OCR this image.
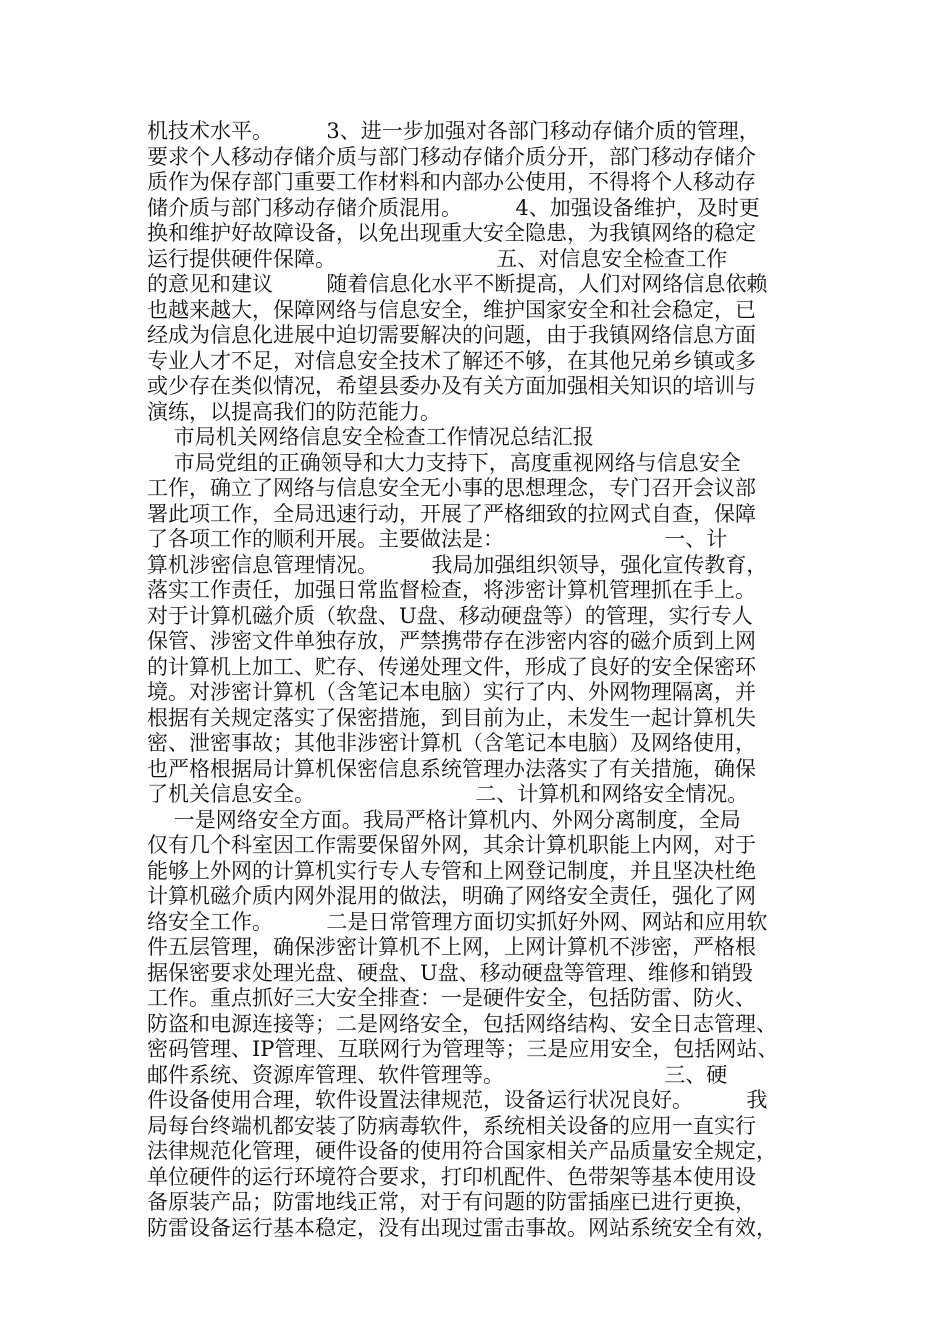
机技术水平。        3、进一步加强对各部门移动存储介质的管理，
要求个人移动存储介质与部门移动存储介质分开，部门移动存储介
质作为保存部门重要工作材料和内部办公使用，不得将个人移动存
储介质与部门移动存储介质混用。        4、加强设备维护，及时更
换和维护好故障设备，以免出现重大安全隐患，为我镇网络的稳定
运行提供硬件保障。                        五、对信息安全检查工作
的意见和建议        随着信息化水平不断提高，人们对网络信息依赖
也越来越大，保障网络与信息安全，维护国家安全和社会稳定，已
经成为信息化进展中迫切需要解决的问题，由于我镇网络信息方面
专业人才不足，对信息安全技术了解还不够，在其他兄弟乡镇或多
或少存在类似情况，希望县委办及有关方面加强相关知识的培训与
演练，以提高我们的防范能力。
市局机关网络信息安全检查工作情况总结汇报
市局党组的正确领导和大力支持下，高度重视网络与信息安全
工作，确立了网络与信息安全无小事的思想理念，专门召开会议部
署此项工作，全局迅速行动，开展了严格细致的拉网式自查，保障
了各项工作的顺利开展。主要做法是：                        一、计
算机涉密信息管理情况。        我局加强组织领导，强化宣传教育，
落实工作责任，加强日常监督检查，将涉密计算机管理抓在手上。
对于计算机磁介质（软盘、U盘、移动硬盘等）的管理，实行专人
保管、涉密文件单独存放，严禁携带存在涉密内容的磁介质到上网
的计算机上加工、贮存、传递处理文件，形成了良好的安全保密环
境。对涉密计算机（含笔记本电脑）实行了内、外网物理隔离，并
根据有关规定落实了保密措施，到目前为止，未发生一起计算机失
密、泄密事故；其他非涉密计算机（含笔记本电脑）及网络使用，
也严格根据局计算机保密信息系统管理办法落实了有关措施，确保
了机关信息安全。                        二、计算机和网络安全情况。
一是网络安全方面。我局严格计算机内、外网分离制度，全局
仅有几个科室因工作需要保留外网，其余计算机职能上内网，对于
能够上外网的计算机实行专人专管和上网登记制度，并且坚决杜绝
计算机磁介质内网外混用的做法，明确了网络安全责任，强化了网
络安全工作。        二是日常管理方面切实抓好外网、网站和应用软
件五层管理，确保涉密计算机不上网，上网计算机不涉密，严格根
据保密要求处理光盘、硬盘、U盘、移动硬盘等管理、维修和销毁
工作。重点抓好三大安全排查：一是硬件安全，包括防雷、防火、
防盗和电源连接等；二是网络安全，包括网络结构、安全日志管理、
密码管理、IP管理、互联网行为管理等；三是应用安全，包括网站、
邮件系统、资源库管理、软件管理等。                        三、硬
件设备使用合理，软件设置法律规范，设备运行状况良好。        我
局每台终端机都安装了防病毒软件，系统相关设备的应用一直实行
法律规范化管理，硬件设备的使用符合国家相关产品质量安全规定，
单位硬件的运行环境符合要求，打印机配件、色带架等基本使用设
备原装产品；防雷地线正常，对于有问题的防雷插座已进行更换，
防雷设备运行基本稳定，没有出现过雷击事故。网站系统安全有效，
